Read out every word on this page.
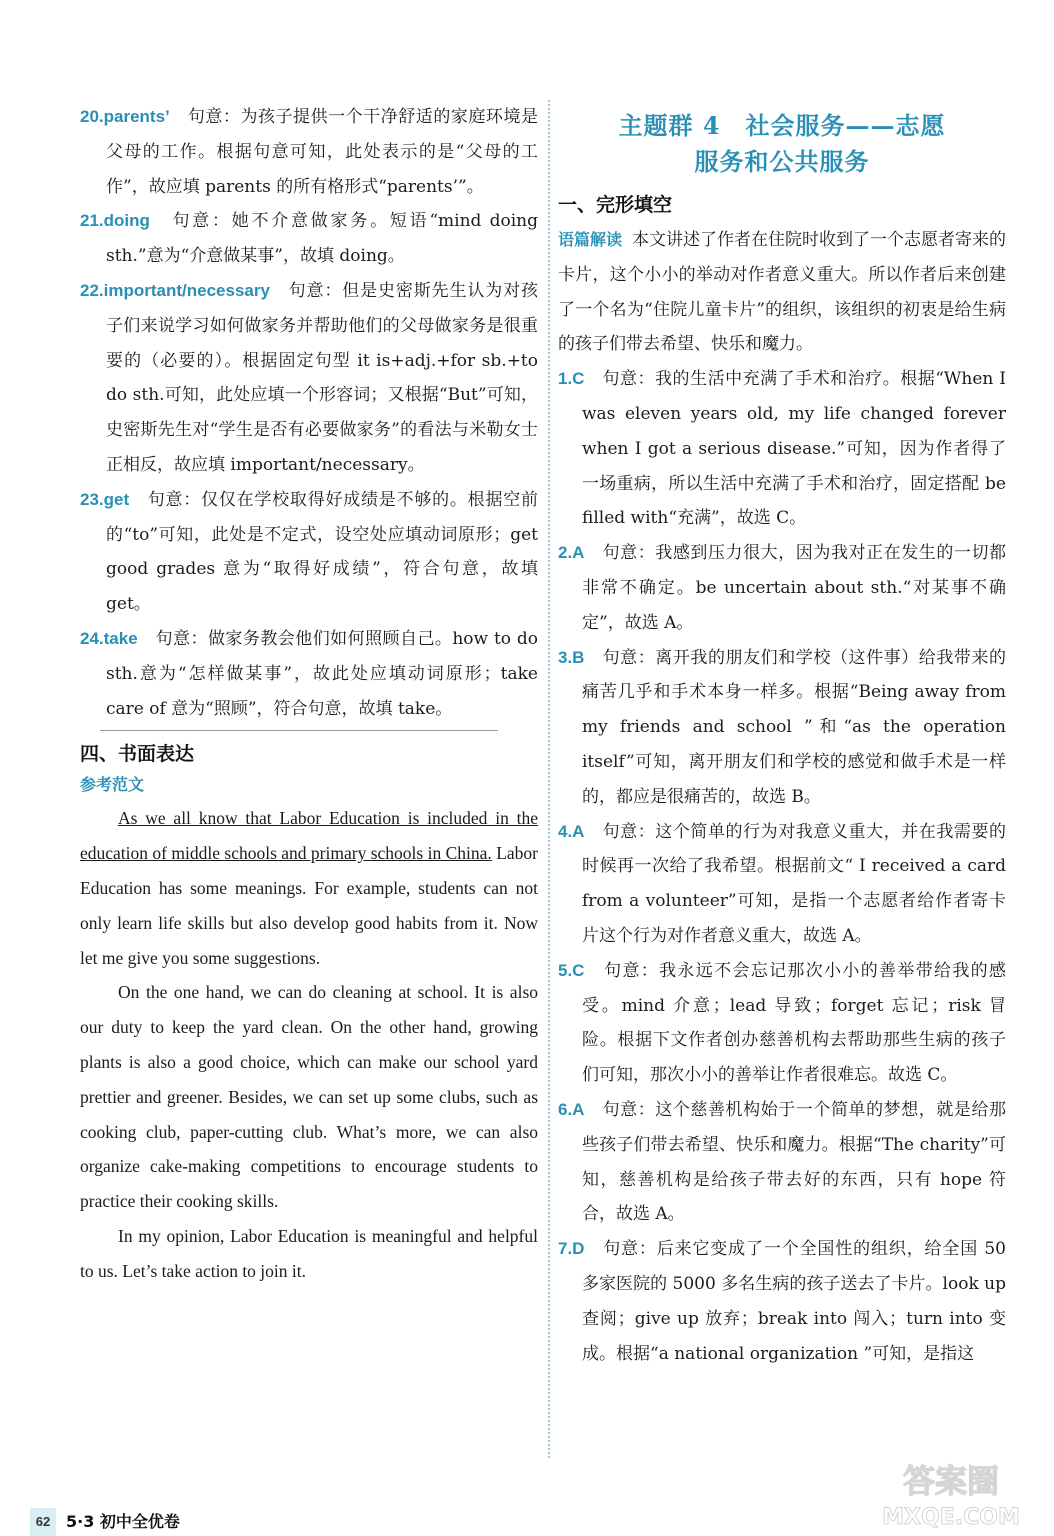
20.parents’　 句意：为孩子提供一个干净舒适的家庭环境是父母的工作。根据句意可知，此处表示的是“父母的工作”，故应填 parents 的所有格形式“parents’”。
21.doing　 句意：她不介意做家务。短语“mind doing sth.”意为“介意做某事”，故填 doing。
22.important/necessary　 句意：但是史密斯先生认为对孩子们来说学习如何做家务并帮助他们的父母做家务是很重要的（必要的）。根据固定句型 it is+adj.+for sb.+to do sth.可知，此处应填一个形容词；又根据“But”可知，史密斯先生对“学生是否有必要做家务”的看法与米勒女士正相反，故应填 important/necessary。
23.get　 句意：仅仅在学校取得好成绩是不够的。根据空前的“to”可知，此处是不定式，设空处应填动词原形；get good grades 意为“取得好成绩”，符合句意，故填 get。
24.take　 句意：做家务教会他们如何照顾自己。how to do sth.意为“怎样做某事”，故此处应填动词原形；take care of 意为“照顾”，符合句意，故填 take。
四、书面表达
参考范文

As we all know that Labor Education is included in the education of middle schools and primary schools in China. Labor Education has some meanings. For example, students can not only learn life skills but also develop good habits from it. Now let me give you some suggestions.

On the one hand, we can do cleaning at school. It is also our duty to keep the yard clean. On the other hand, growing plants is also a good choice, which can make our school yard prettier and greener. Besides, we can set up some clubs, such as cooking club, paper-cutting club. What’s more, we can also organize cake-making competitions to encourage students to practice their cooking skills.

In my opinion, Labor Education is meaningful and helpful to us. Let’s take action to join it.

主题群 4　社会服务——志愿
服务和公共服务
一、完形填空
语篇解读 本文讲述了作者在住院时收到了一个志愿者寄来的卡片，这个小小的举动对作者意义重大。所以作者后来创建了一个名为“住院儿童卡片”的组织，该组织的初衷是给生病的孩子们带去希望、快乐和魔力。
1.C　 句意：我的生活中充满了手术和治疗。根据“When I was eleven years old, my life changed forever when I got a serious disease.”可知，因为作者得了一场重病，所以生活中充满了手术和治疗，固定搭配 be filled with“充满”，故选 C。
2.A　 句意：我感到压力很大，因为我对正在发生的一切都非常不确定。be uncertain about sth.“对某事不确定”，故选 A。
3.B　 句意：离开我的朋友们和学校（这件事）给我带来的痛苦几乎和手术本身一样多。根据“Being away from my friends and school ”和“as the operation itself”可知，离开朋友们和学校的感觉和做手术是一样的，都应是很痛苦的，故选 B。
4.A　 句意：这个简单的行为对我意义重大，并在我需要的时候再一次给了我希望。根据前文“ I received a card from a volunteer”可知，是指一个志愿者给作者寄卡片这个行为对作者意义重大，故选 A。
5.C　 句意：我永远不会忘记那次小小的善举带给我的感受。mind 介意；lead 导致；forget 忘记；risk 冒险。根据下文作者创办慈善机构去帮助那些生病的孩子们可知，那次小小的善举让作者很难忘。故选 C。
6.A　 句意：这个慈善机构始于一个简单的梦想，就是给那些孩子们带去希望、快乐和魔力。根据“The charity”可知，慈善机构是给孩子带去好的东西，只有 hope 符合，故选 A。
7.D　 句意：后来它变成了一个全国性的组织，给全国 50 多家医院的 5000 多名生病的孩子送去了卡片。look up 查阅；give up 放弃；break into 闯入；turn into 变成。根据“a national organization ”可知，是指这
62 5·3 初中全优卷
答案圈
MXQE.COM
